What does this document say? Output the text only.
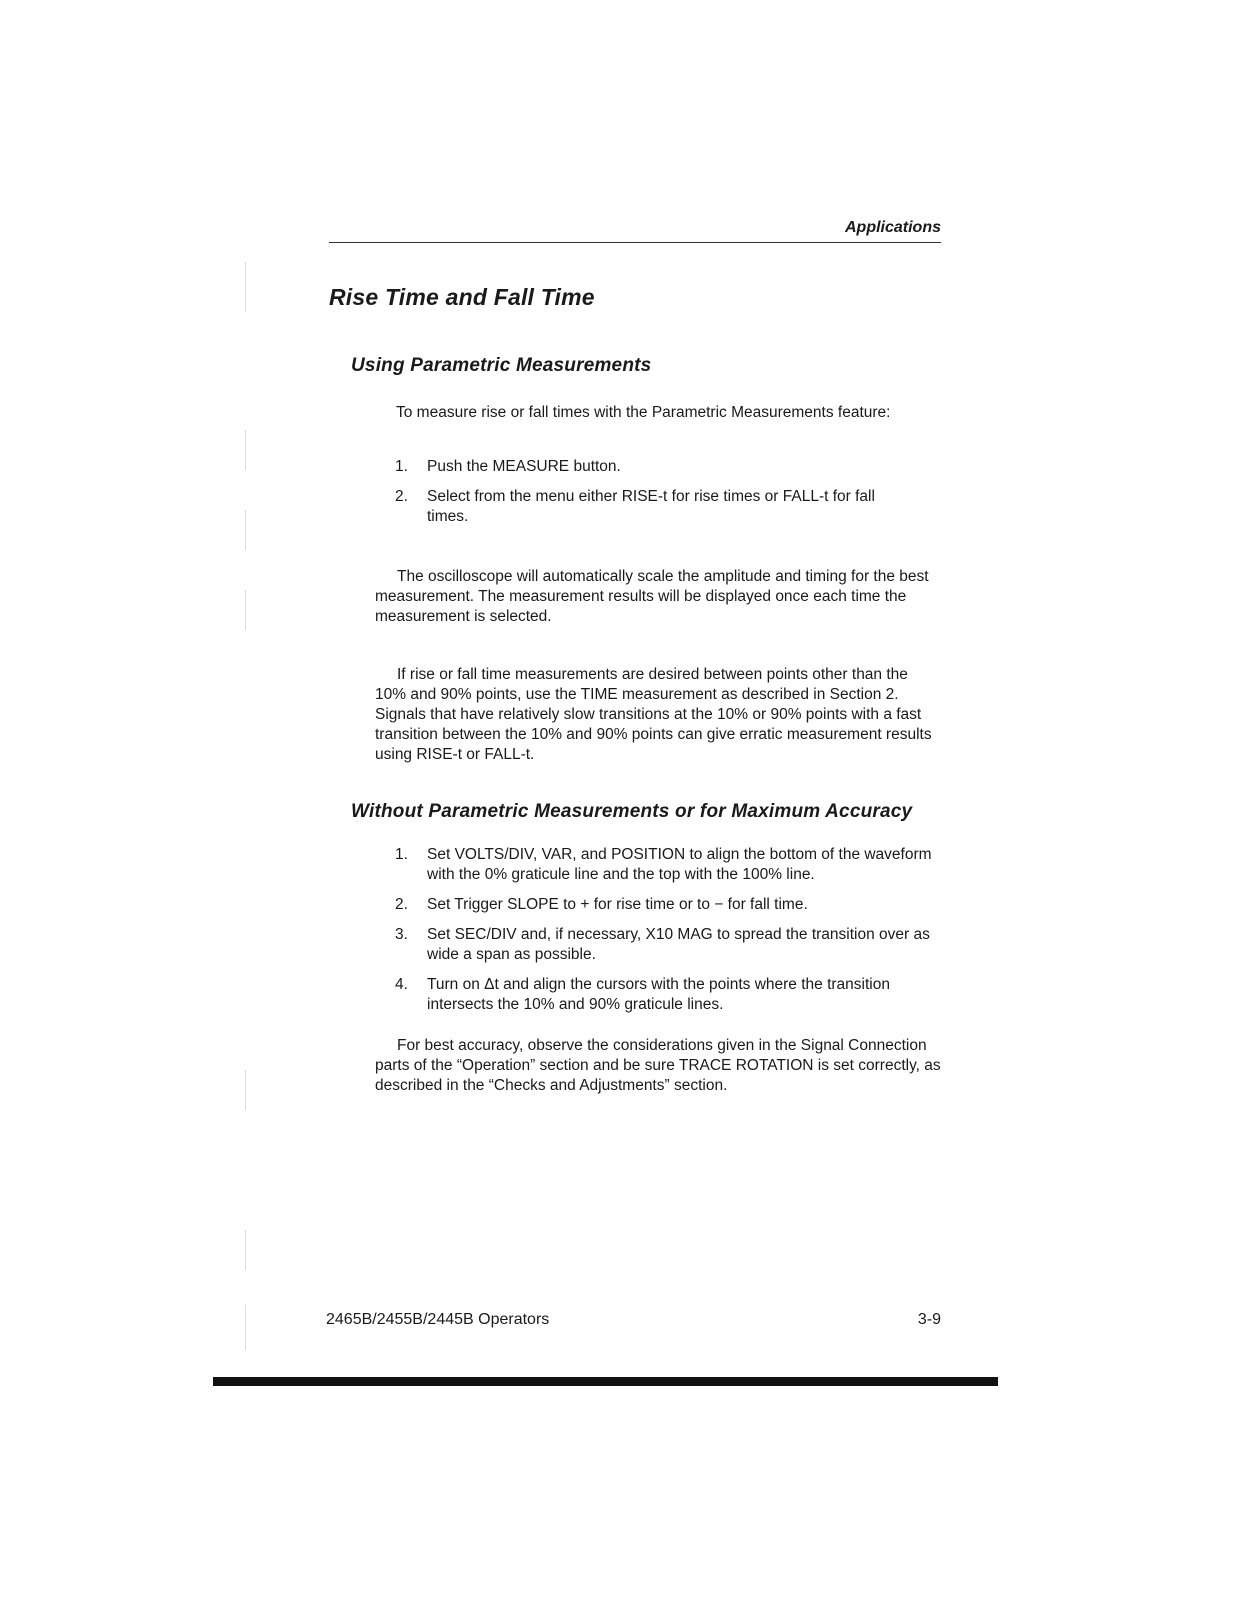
Applications
Rise Time and Fall Time
Using Parametric Measurements
To measure rise or fall times with the Parametric Measurements feature:
1. Push the MEASURE button.
2. Select from the menu either RISE-t for rise times or FALL-t for fall times.
The oscilloscope will automatically scale the amplitude and timing for the best measurement. The measurement results will be displayed once each time the measurement is selected.
If rise or fall time measurements are desired between points other than the 10% and 90% points, use the TIME measurement as described in Section 2. Signals that have relatively slow transitions at the 10% or 90% points with a fast transition between the 10% and 90% points can give erratic measurement results using RISE-t or FALL-t.
Without Parametric Measurements or for Maximum Accuracy
1. Set VOLTS/DIV, VAR, and POSITION to align the bottom of the waveform with the 0% graticule line and the top with the 100% line.
2. Set Trigger SLOPE to + for rise time or to − for fall time.
3. Set SEC/DIV and, if necessary, X10 MAG to spread the transition over as wide a span as possible.
4. Turn on Δt and align the cursors with the points where the transition intersects the 10% and 90% graticule lines.
For best accuracy, observe the considerations given in the Signal Connection parts of the “Operation” section and be sure TRACE ROTATION is set correctly, as described in the “Checks and Adjustments” section.
2465B/2455B/2445B Operators	3-9
